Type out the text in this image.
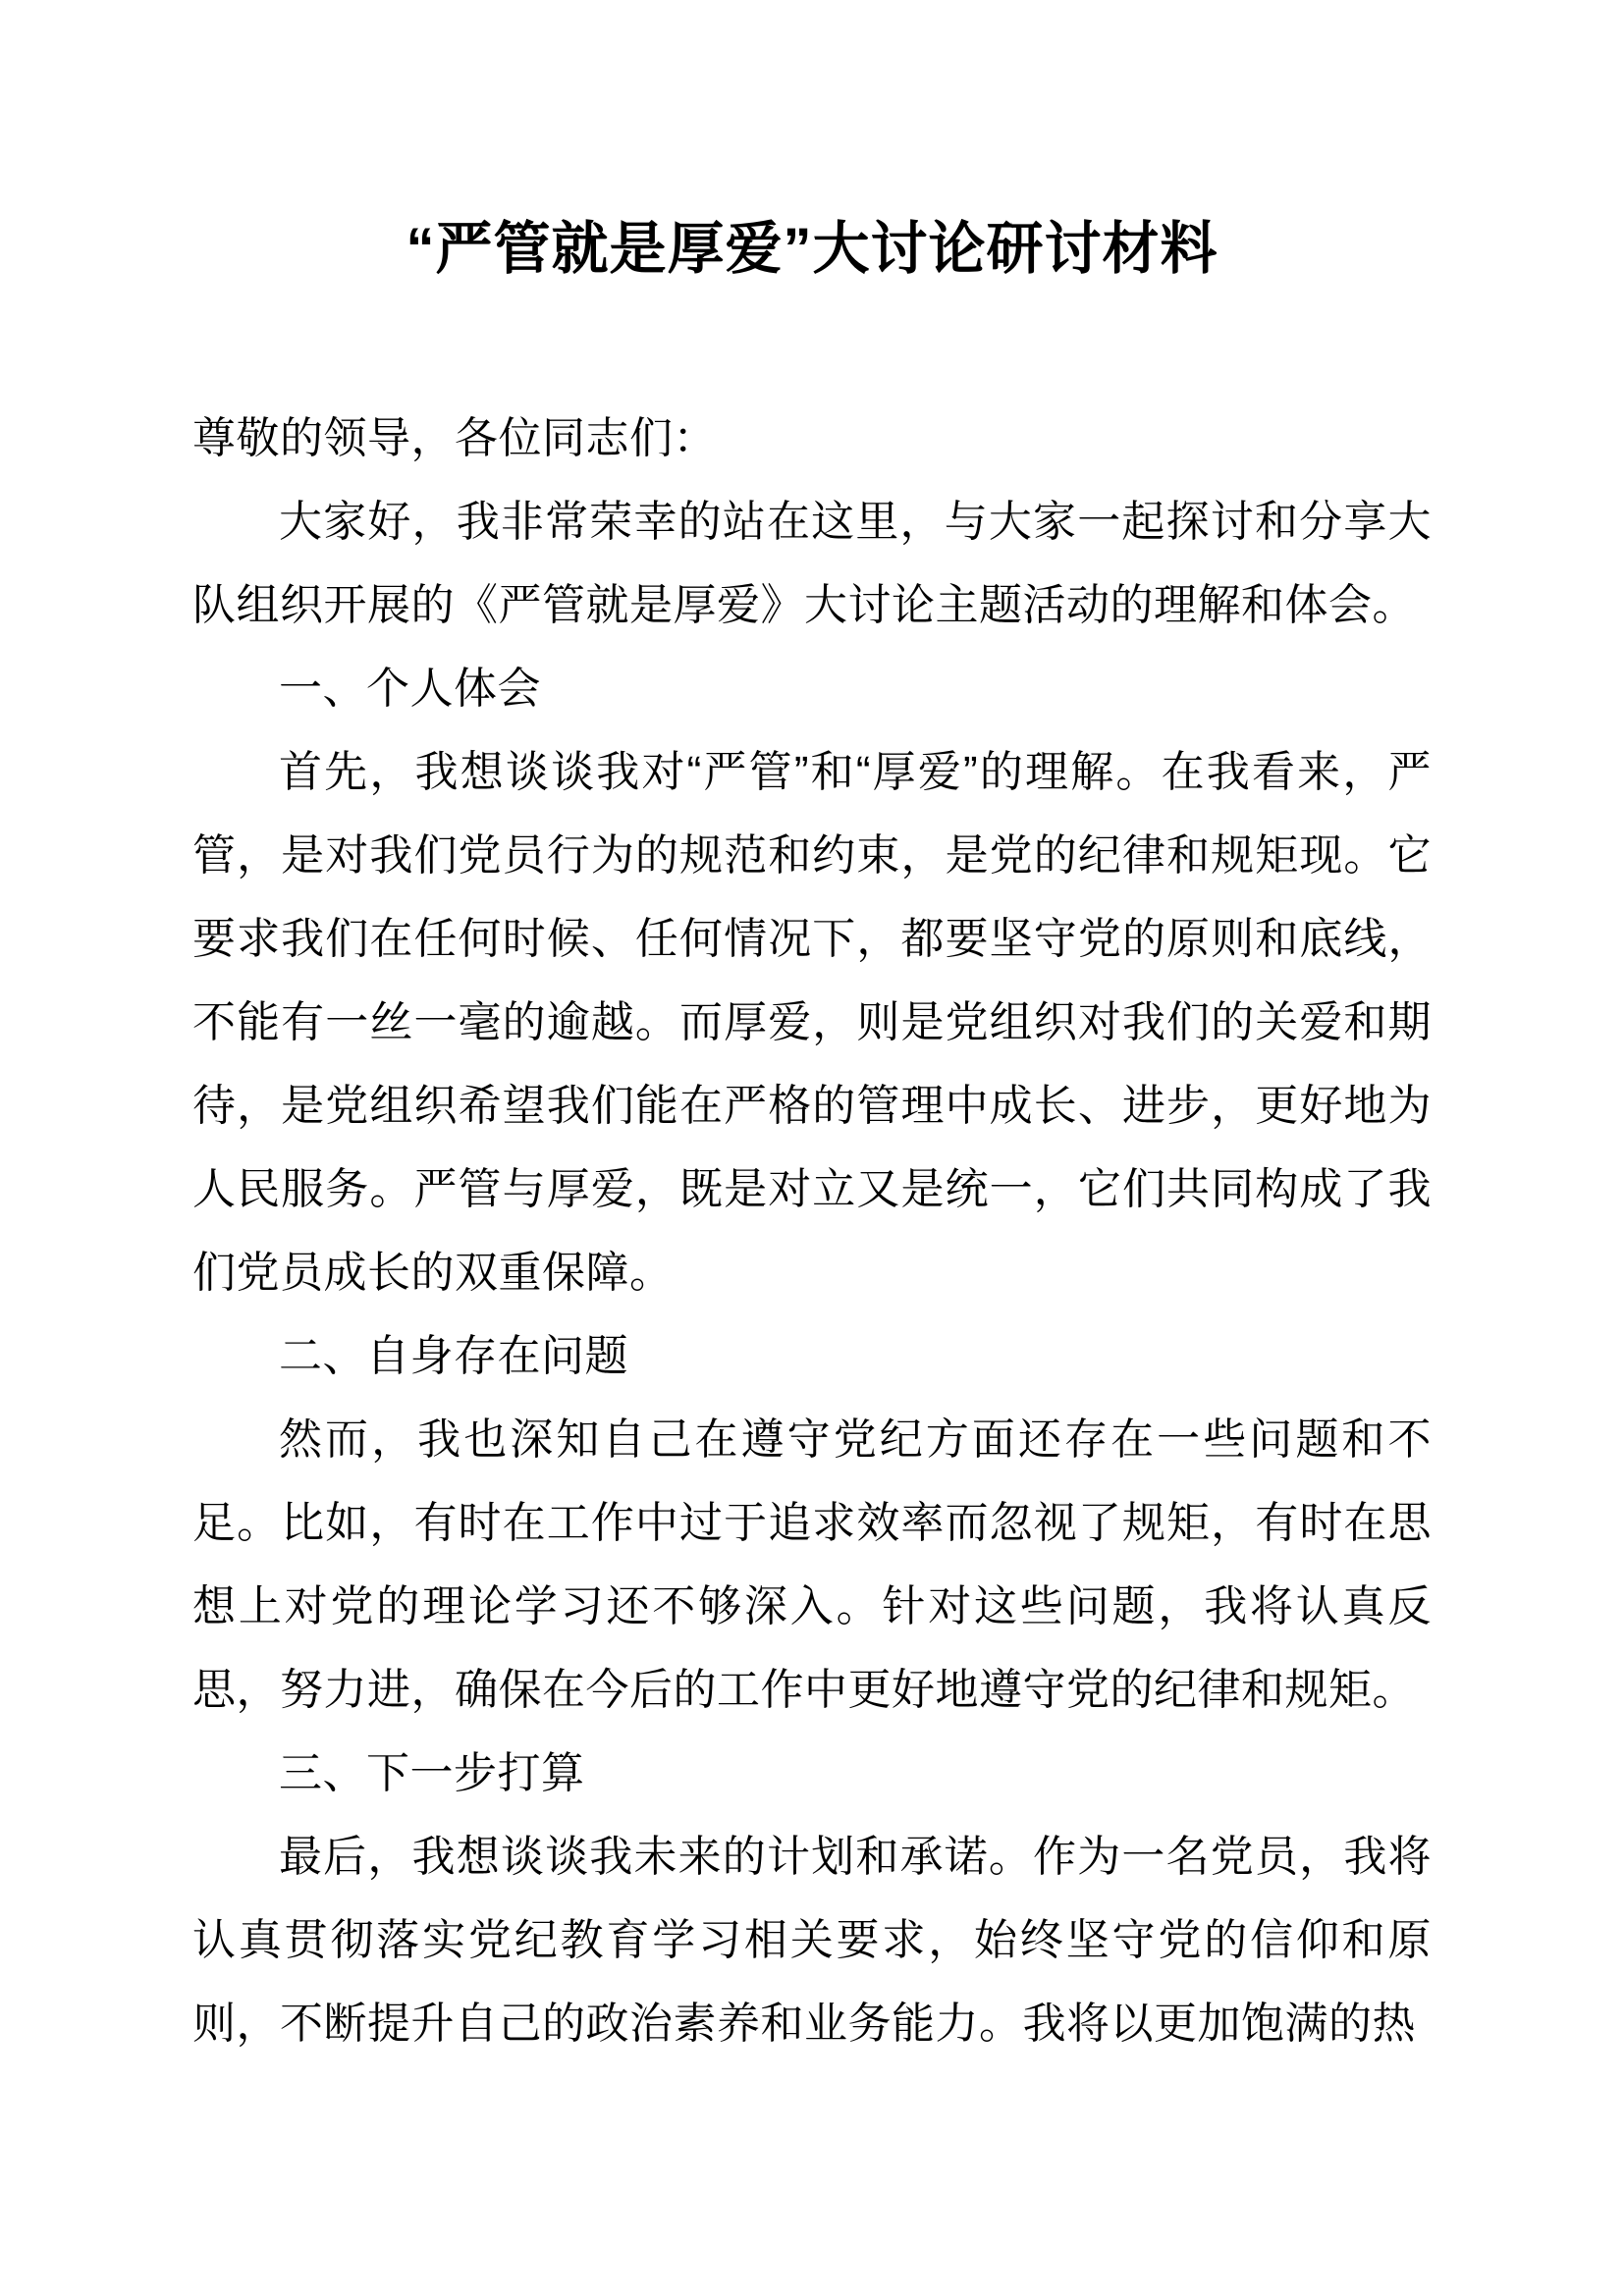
“严管就是厚爱”大讨论研讨材料

尊敬的领导，各位同志们：

大家好，我非常荣幸的站在这里，与大家一起探讨和分享大队组织开展的《严管就是厚爱》大讨论主题活动的理解和体会。

一、个人体会

首先，我想谈谈我对“严管”和“厚爱”的理解。在我看来，严管，是对我们党员行为的规范和约束，是党的纪律和规矩现。它要求我们在任何时候、任何情况下，都要坚守党的原则和底线，不能有一丝一毫的逾越。而厚爱，则是党组织对我们的关爱和期待，是党组织希望我们能在严格的管理中成长、进步，更好地为人民服务。严管与厚爱，既是对立又是统一，它们共同构成了我们党员成长的双重保障。

二、自身存在问题

然而，我也深知自己在遵守党纪方面还存在一些问题和不足。比如，有时在工作中过于追求效率而忽视了规矩，有时在思想上对党的理论学习还不够深入。针对这些问题，我将认真反思，努力进，确保在今后的工作中更好地遵守党的纪律和规矩。

三、下一步打算

最后，我想谈谈我未来的计划和承诺。作为一名党员，我将认真贯彻落实党纪教育学习相关要求，始终坚守党的信仰和原则，不断提升自己的政治素养和业务能力。我将以更加饱满的热
